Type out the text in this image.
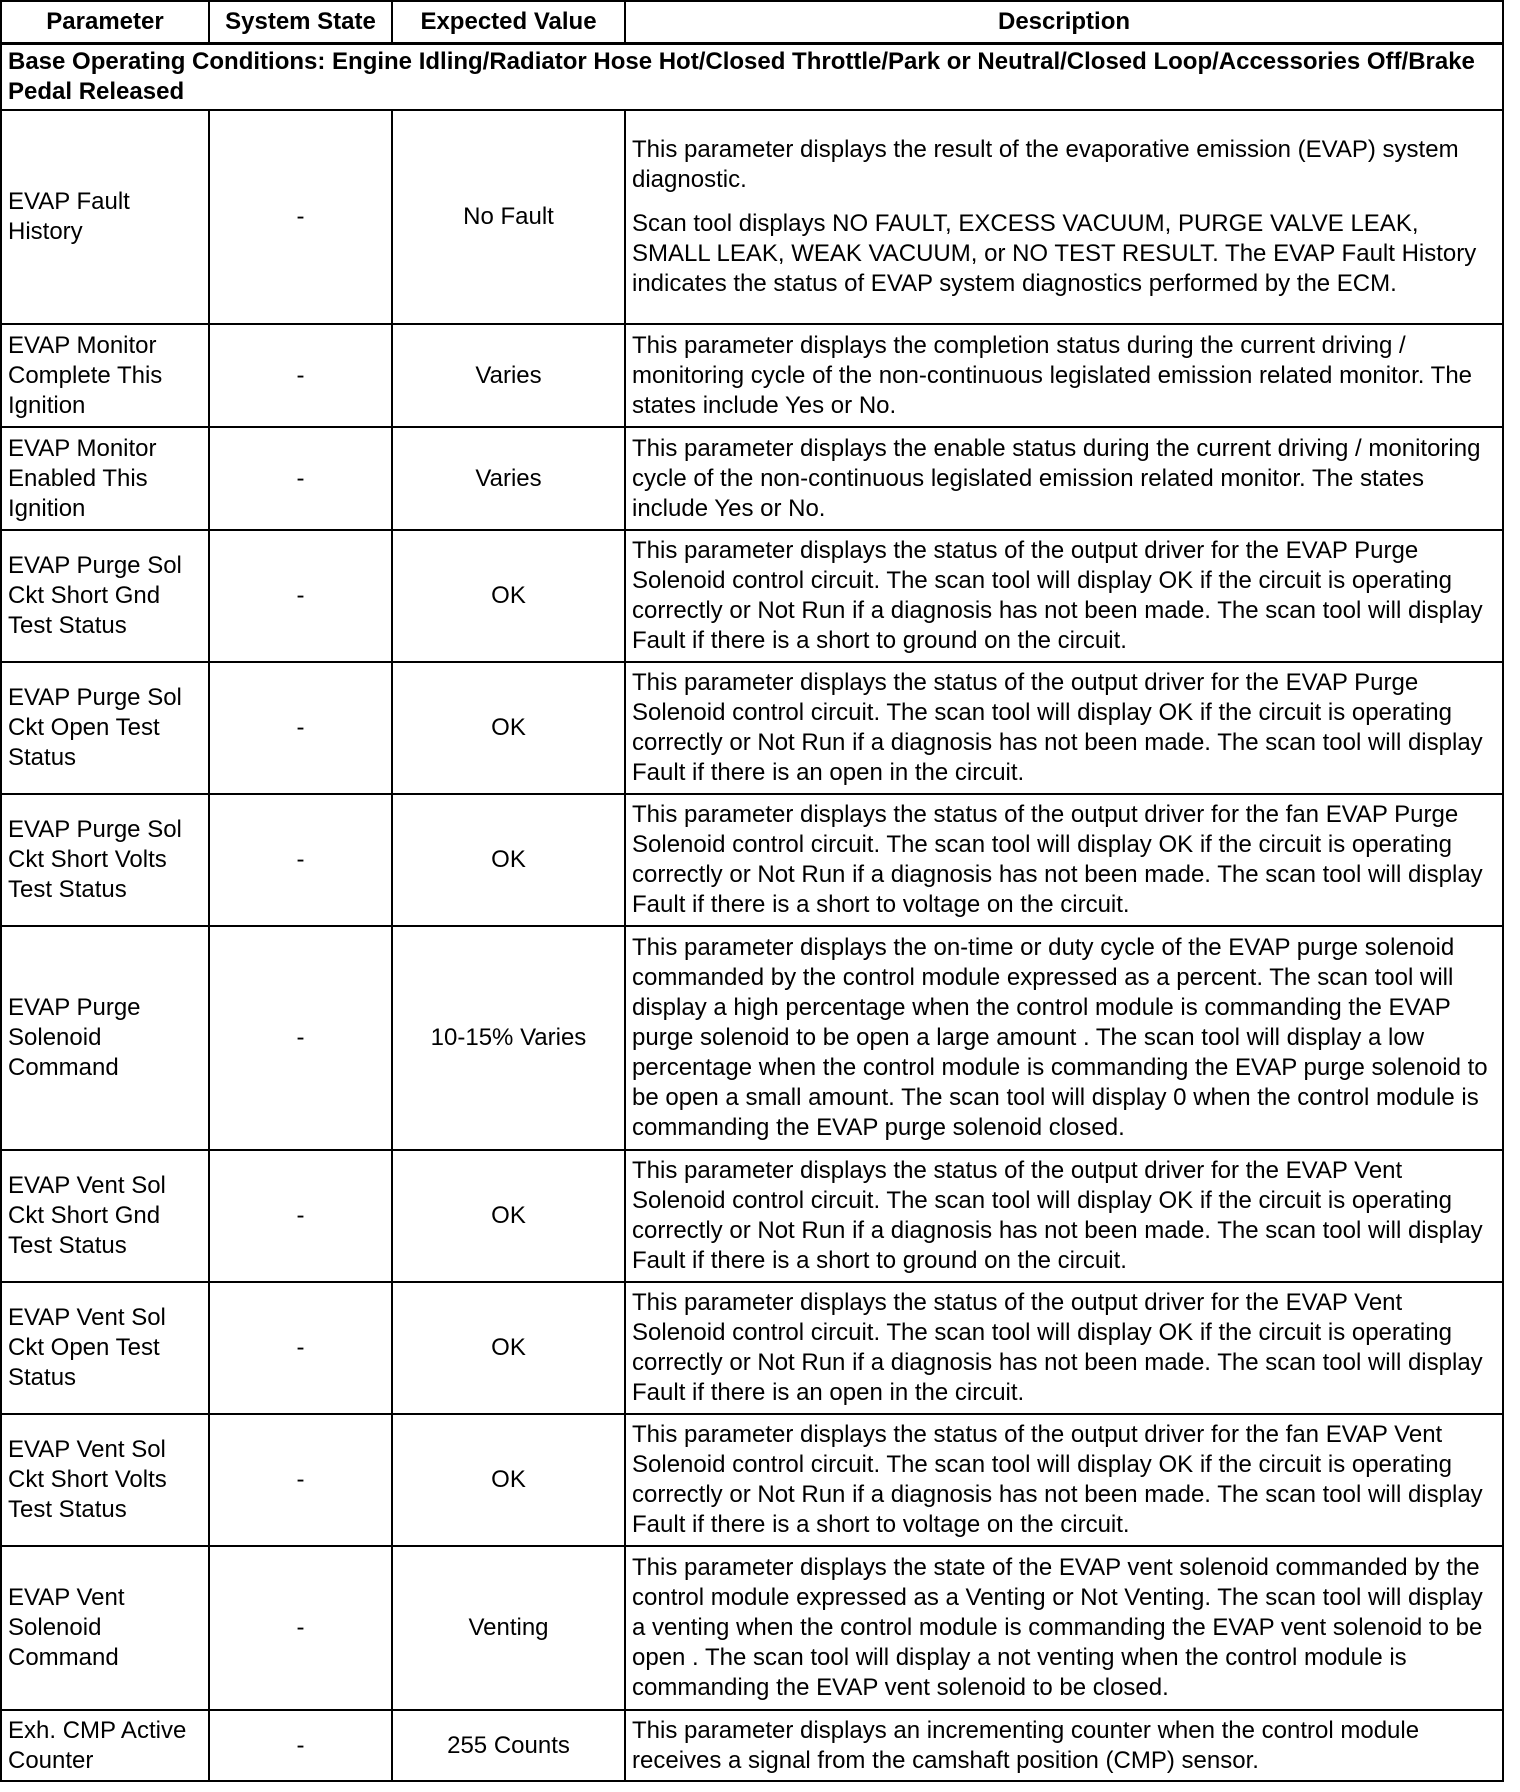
Parameter	System State	Expected Value	Description
Base Operating Conditions: Engine Idling/Radiator Hose Hot/Closed Throttle/Park or Neutral/Closed Loop/Accessories Off/Brake Pedal Released			
EVAP Fault History	-	No Fault	This parameter displays the result of the evaporative emission (EVAP) system diagnostic.

Scan tool displays NO FAULT, EXCESS VACUUM, PURGE VALVE LEAK, SMALL LEAK, WEAK VACUUM, or NO TEST RESULT. The EVAP Fault History indicates the status of EVAP system diagnostics performed by the ECM.

EVAP Monitor Complete This Ignition	-	Varies	This parameter displays the completion status during the current driving / monitoring cycle of the non-continuous legislated emission related monitor. The states include Yes or No.

EVAP Monitor Enabled This Ignition	-	Varies	This parameter displays the enable status during the current driving / monitoring cycle of the non-continuous legislated emission related monitor. The states include Yes or No.

EVAP Purge Sol Ckt Short Gnd Test Status	-	OK	This parameter displays the status of the output driver for the EVAP Purge Solenoid control circuit. The scan tool will display OK if the circuit is operating correctly or Not Run if a diagnosis has not been made. The scan tool will display Fault if there is a short to ground on the circuit.

EVAP Purge Sol Ckt Open Test Status	-	OK	This parameter displays the status of the output driver for the EVAP Purge Solenoid control circuit. The scan tool will display OK if the circuit is operating correctly or Not Run if a diagnosis has not been made. The scan tool will display Fault if there is an open in the circuit.

EVAP Purge Sol Ckt Short Volts Test Status	-	OK	This parameter displays the status of the output driver for the fan EVAP Purge Solenoid control circuit. The scan tool will display OK if the circuit is operating correctly or Not Run if a diagnosis has not been made. The scan tool will display Fault if there is a short to voltage on the circuit.

EVAP Purge Solenoid Command	-	10-15% Varies	This parameter displays the on-time or duty cycle of the EVAP purge solenoid commanded by the control module expressed as a percent. The scan tool will display a high percentage when the control module is commanding the EVAP purge solenoid to be open a large amount . The scan tool will display a low percentage when the control module is commanding the EVAP purge solenoid to be open a small amount. The scan tool will display 0 when the control module is commanding the EVAP purge solenoid closed.

EVAP Vent Sol Ckt Short Gnd Test Status	-	OK	This parameter displays the status of the output driver for the EVAP Vent Solenoid control circuit. The scan tool will display OK if the circuit is operating correctly or Not Run if a diagnosis has not been made. The scan tool will display Fault if there is a short to ground on the circuit.

EVAP Vent Sol Ckt Open Test Status	-	OK	This parameter displays the status of the output driver for the EVAP Vent Solenoid control circuit. The scan tool will display OK if the circuit is operating correctly or Not Run if a diagnosis has not been made. The scan tool will display Fault if there is an open in the circuit.

EVAP Vent Sol Ckt Short Volts Test Status	-	OK	This parameter displays the status of the output driver for the fan EVAP Vent Solenoid control circuit. The scan tool will display OK if the circuit is operating correctly or Not Run if a diagnosis has not been made. The scan tool will display Fault if there is a short to voltage on the circuit.

EVAP Vent Solenoid Command	-	Venting	This parameter displays the state of the EVAP vent solenoid commanded by the control module expressed as a Venting or Not Venting. The scan tool will display a venting when the control module is commanding the EVAP vent solenoid to be open . The scan tool will display a not venting when the control module is commanding the EVAP vent solenoid to be closed.

Exh. CMP Active Counter	-	255 Counts	This parameter displays an incrementing counter when the control module receives a signal from the camshaft position (CMP) sensor.
